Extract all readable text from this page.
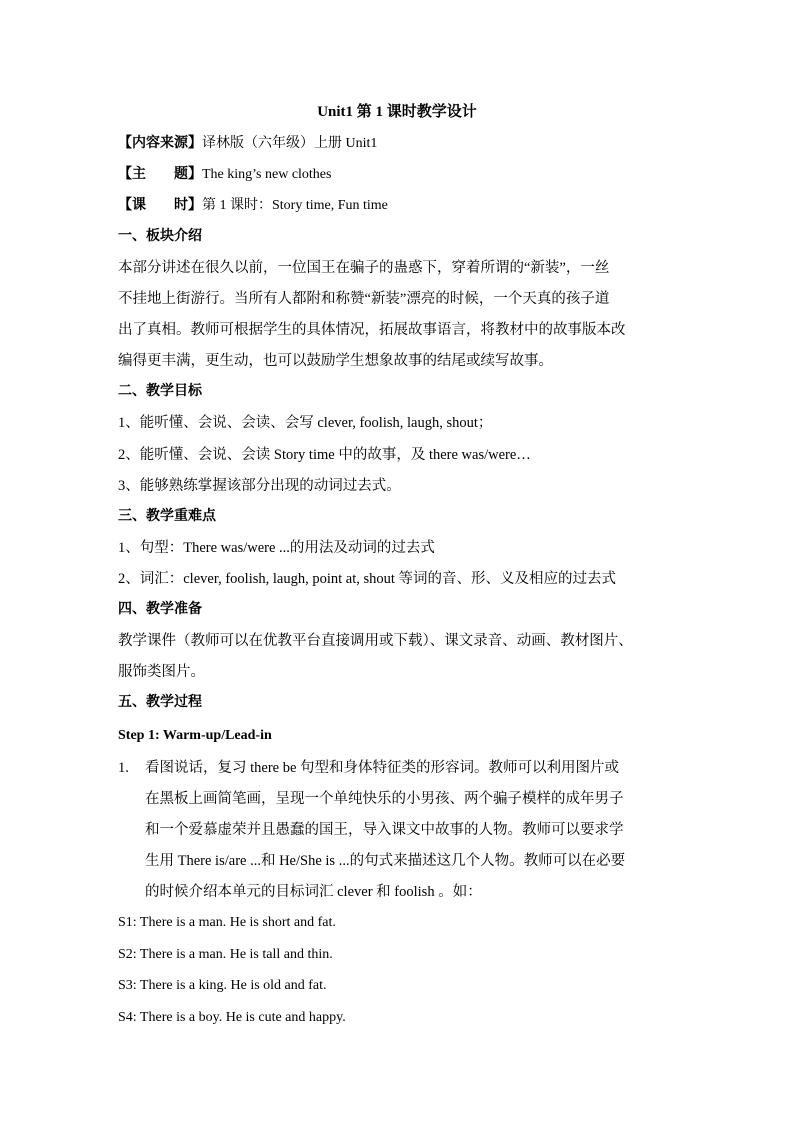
Unit1 第 1 课时教学设计
【内容来源】译林版（六年级）上册 Unit1
【主　　题】The king’s new clothes
【课　　时】第 1 课时：Story time, Fun time
一、板块介绍
本部分讲述在很久以前，一位国王在骗子的蛊惑下，穿着所谓的“新装”，一丝
不挂地上街游行。当所有人都附和称赞“新装”漂亮的时候，一个天真的孩子道
出了真相。教师可根据学生的具体情况，拓展故事语言，将教材中的故事版本改
编得更丰满，更生动，也可以鼓励学生想象故事的结尾或续写故事。
二、教学目标
1、能听懂、会说、会读、会写 clever, foolish, laugh, shout；
2、能听懂、会说、会读 Story time 中的故事，及 there was/were…
3、能够熟练掌握该部分出现的动词过去式。
三、教学重难点
1、句型：There was/were ...的用法及动词的过去式
2、词汇：clever, foolish, laugh, point at, shout 等词的音、形、义及相应的过去式
四、教学准备
教学课件（教师可以在优教平台直接调用或下载）、课文录音、动画、教材图片、
服饰类图片。
五、教学过程
Step 1: Warm-up/Lead-in
1. 看图说话，复习 there be 句型和身体特征类的形容词。教师可以利用图片或
在黑板上画简笔画，呈现一个单纯快乐的小男孩、两个骗子模样的成年男子
和一个爱慕虚荣并且愚蠢的国王，导入课文中故事的人物。教师可以要求学
生用 There is/are ...和 He/She is ...的句式来描述这几个人物。教师可以在必要
的时候介绍本单元的目标词汇 clever 和 foolish 。如：
S1: There is a man. He is short and fat.
S2: There is a man. He is tall and thin.
S3: There is a king. He is old and fat.
S4: There is a boy. He is cute and happy.
